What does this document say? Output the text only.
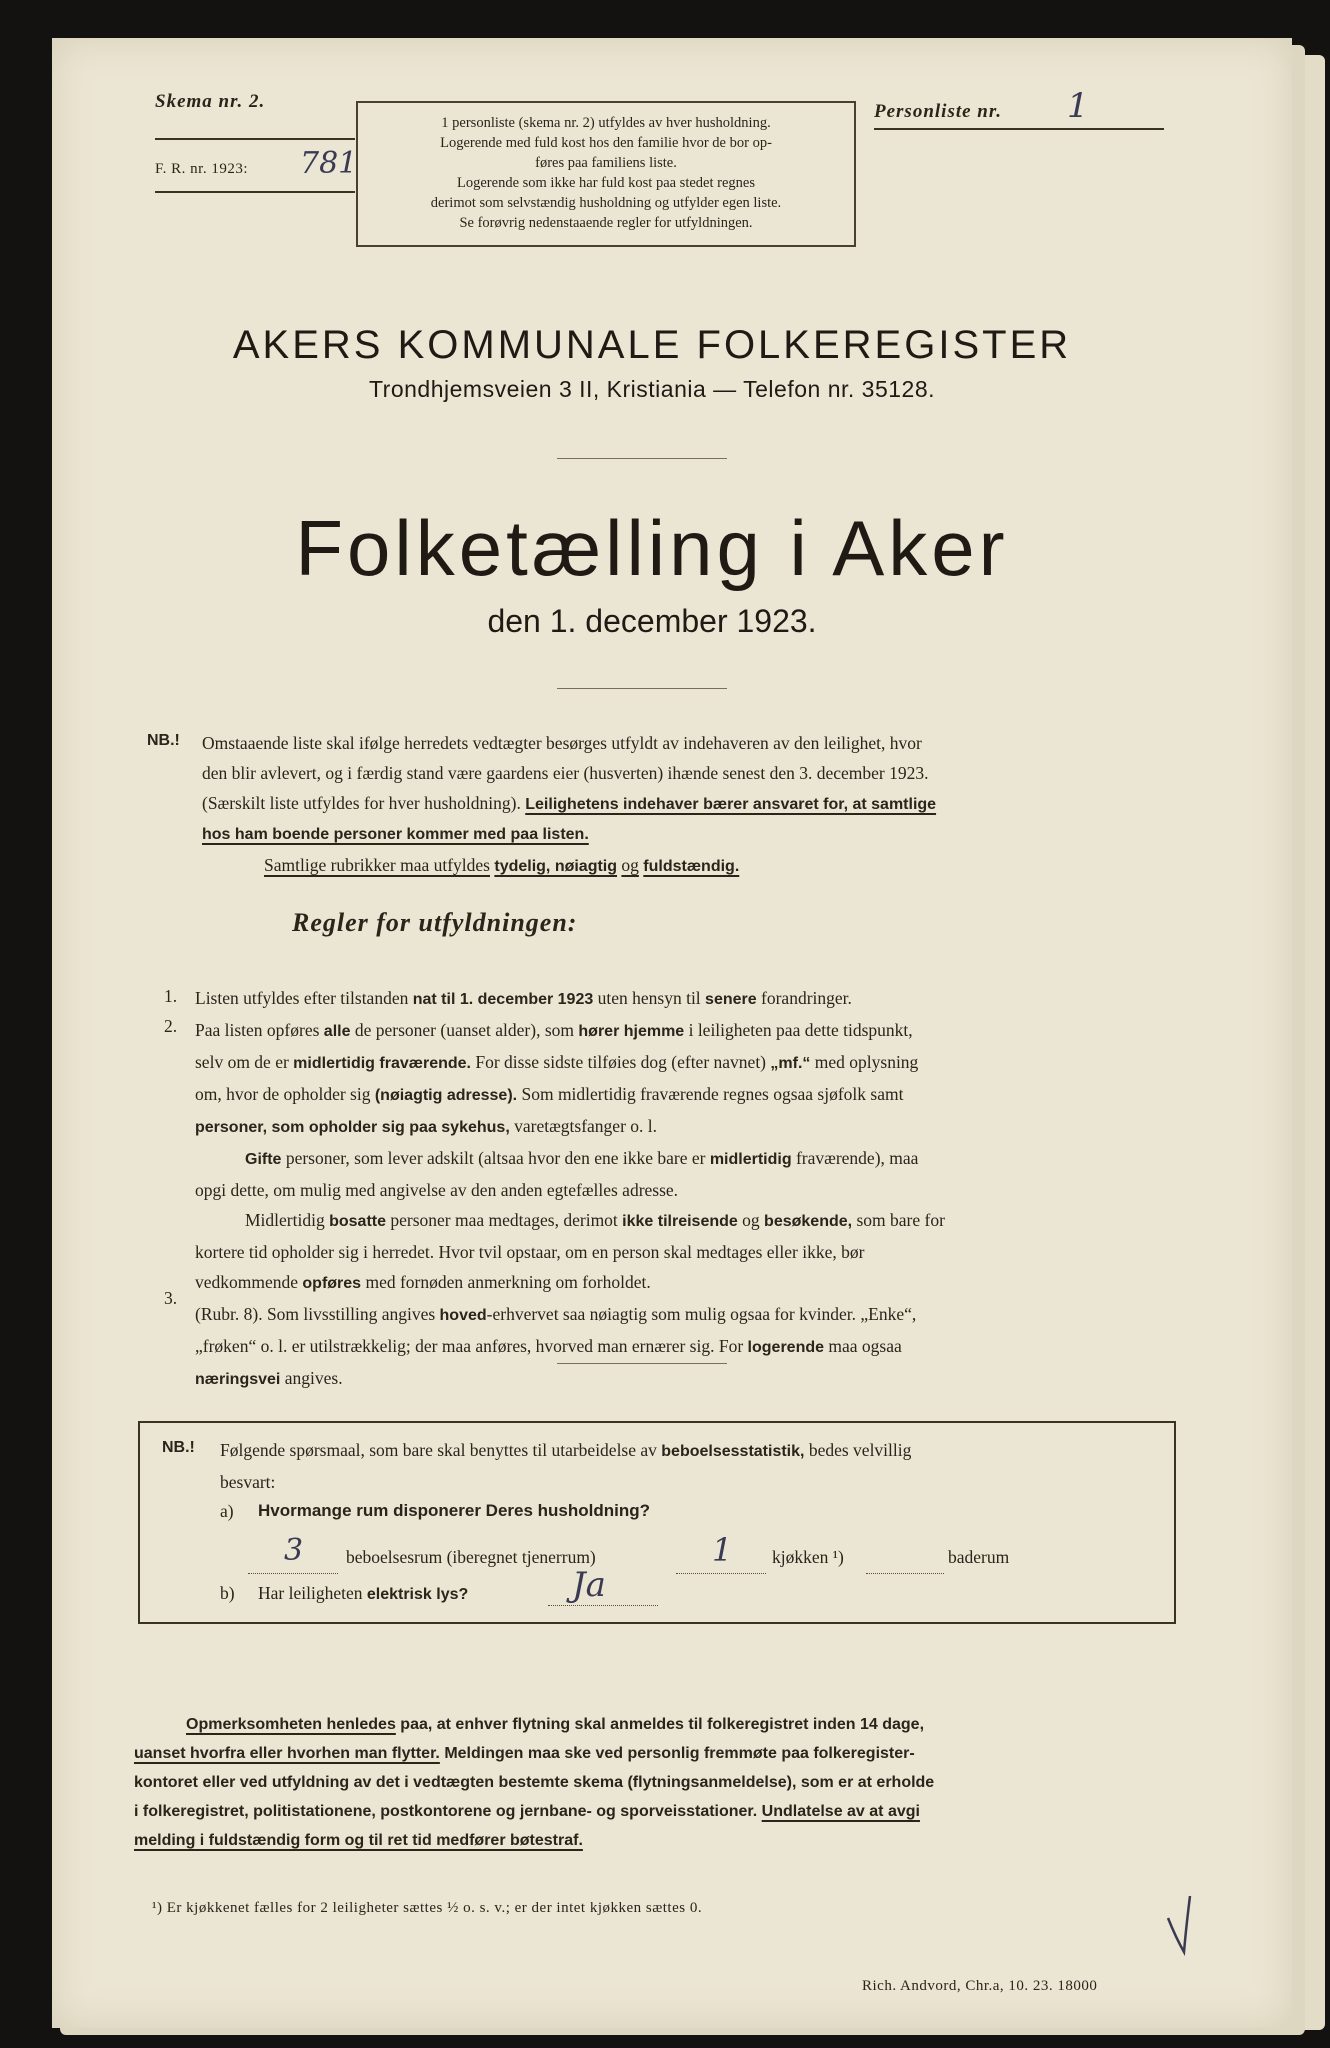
Skema nr. 2.
F. R. nr. 1923: 781
1 personliste (skema nr. 2) utfyldes av hver husholdning.
Logerende med fuld kost hos den familie hvor de bor op-
føres paa familiens liste.
Logerende som ikke har fuld kost paa stedet regnes
derimot som selvstændig husholdning og utfylder egen liste.
Se forøvrig nedenstaaende regler for utfyldningen.
Personliste nr. 1
AKERS KOMMUNALE FOLKEREGISTER
Trondhjemsveien 3 II, Kristiania — Telefon nr. 35128.
Folketælling i Aker
den 1. december 1923.
NB.! Omstaaende liste skal ifølge herredets vedtægter besørges utfyldt av indehaveren av den leilighet, hvor
den blir avlevert, og i færdig stand være gaardens eier (husverten) ihænde senest den 3. december 1923.
(Særskilt liste utfyldes for hver husholdning). Leilighetens indehaver bærer ansvaret for, at samtlige
hos ham boende personer kommer med paa listen.
Samtlige rubrikker maa utfyldes tydelig, nøiagtig og fuldstændig.
Regler for utfyldningen:
1.
2.
3.
Listen utfyldes efter tilstanden nat til 1. december 1923 uten hensyn til senere forandringer.
Paa listen opføres alle de personer (uanset alder), som hører hjemme i leiligheten paa dette tidspunkt,
selv om de er midlertidig fraværende. For disse sidste tilføies dog (efter navnet) „mf.“ med oplysning
om, hvor de opholder sig (nøiagtig adresse). Som midlertidig fraværende regnes ogsaa sjøfolk samt
personer, som opholder sig paa sykehus, varetægtsfanger o. l.
Gifte personer, som lever adskilt (altsaa hvor den ene ikke bare er midlertidig fraværende), maa
opgi dette, om mulig med angivelse av den anden egtefælles adresse.
Midlertidig bosatte personer maa medtages, derimot ikke tilreisende og besøkende, som bare for
kortere tid opholder sig i herredet. Hvor tvil opstaar, om en person skal medtages eller ikke, bør
vedkommende opføres med fornøden anmerkning om forholdet.
(Rubr. 8). Som livsstilling angives hoved-erhvervet saa nøiagtig som mulig ogsaa for kvinder. „Enke“,
„frøken“ o. l. er utilstrækkelig; der maa anføres, hvorved man ernærer sig. For logerende maa ogsaa
næringsvei angives.
NB.! Følgende spørsmaal, som bare skal benyttes til utarbeidelse av beboelsesstatistik, bedes velvillig
besvart:
a) Hvormange rum disponerer Deres husholdning?
3 beboelsesrum (iberegnet tjenerrum)	1 kjøkken ¹)	baderum
b) Har leiligheten elektrisk lys?	Ja
Opmerksomheten henledes paa, at enhver flytning skal anmeldes til folkeregistret inden 14 dage,
uanset hvorfra eller hvorhen man flytter. Meldingen maa ske ved personlig fremmøte paa folkeregister-
kontoret eller ved utfyldning av det i vedtægten bestemte skema (flytningsanmeldelse), som er at erholde
i folkeregistret, politistationene, postkontorene og jernbane- og sporveisstationer. Undlatelse av at avgi
melding i fuldstændig form og til ret tid medfører bøtestraf.
¹) Er kjøkkenet fælles for 2 leiligheter sættes ½ o. s. v.; er der intet kjøkken sættes 0.
Rich. Andvord, Chr.a, 10. 23. 18000
